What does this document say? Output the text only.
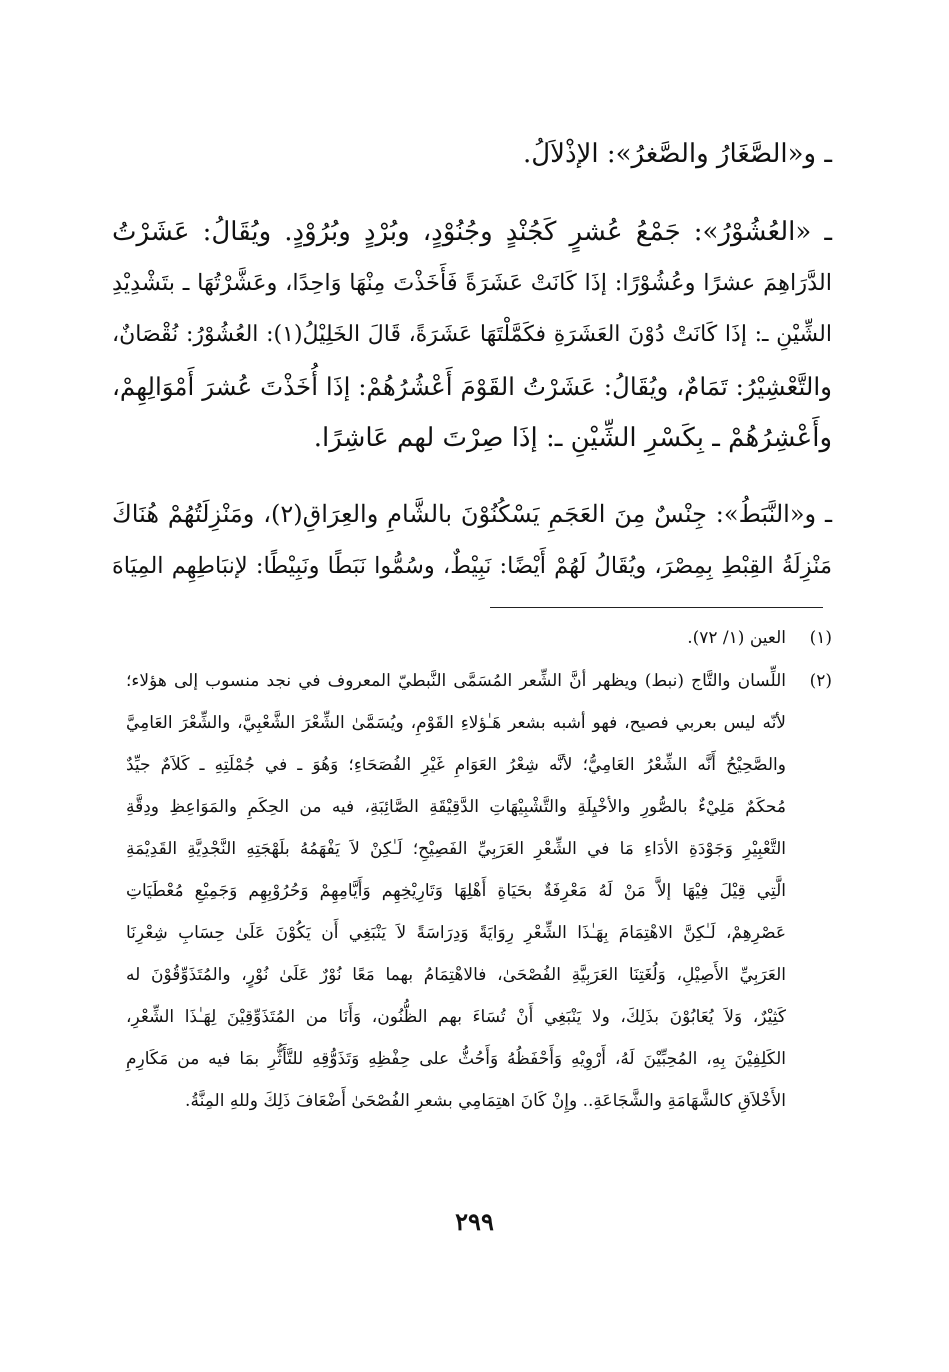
ـ و«الصَّغَارُ والصَّغرُ»: الإذْلاَلُ.
ـ «العُشُوْرُ»: جَمْعُ عُشرٍ كَجُنْدٍ وجُنُوْدٍ، وبُرْدٍ وبُرُوْدٍ. ويُقَالُ: عَشَرْتُ
الدَّرَاهِمَ عشرًا وعُشُوْرًا: إذَا كَانَتْ عَشَرَةً فَأَخَذْتَ مِنْهَا وَاحِدًا، وعَشَّرْتُهَا ـ بتَشْدِيْدِ
الشِّيْنِ ـ: إذَا كَانَتْ دُوْنَ العَشَرَةِ فكَمَّلْتَهَا عَشَرَةً، قَالَ الخَلِيْلُ(١): العُشُوْرُ: نُقْصَانٌ،
والتَّعْشِيْرُ: تَمَامٌ، ويُقَالُ: عَشَرْتُ القَوْمَ أَعْشُرُهُمْ: إذَا أُخَذْتَ عُشرَ أَمْوَالِهِمْ،
وأَعْشِرُهُمْ ـ بِكَسْرِ الشِّيْنِ ـ: إذَا صِرْتَ لهم عَاشِرًا.
ـ و«النَّبَطُ»: جِنْسٌ مِنَ العَجَمِ يَسْكُنُوْنَ بالشَّامِ والعِرَاقِ(٢)، ومَنْزِلَتُهُمْ هُنَاكَ
مَنْزِلَةُ القِبْطِ بِمِصْرَ، ويُقَالُ لَهُمْ أَيْضًا: نَبِيْطٌ، وسُمُّوا نَبَطًا ونَبِيْطًا: لإنبَاطِهِم المِيَاهَ
(١)
العين (١/ ٧٢).
(٢)
اللِّسان والتَّاج (نبط) ويظهر أنَّ الشِّعر المُسَمَّى النَّبطيّ المعروف في نجد منسوب إلى هؤلاء؛
لأنّه ليس بعربي فصيح، فهو أشبه بشعر هَـٰؤلاءِ القَوْمِ، ويُسَمَّىٰ الشِّعْرَ الشَّعْبِيَّ، والشِّعْرَ العَامِيَّ
والصَّحِيْحُ أَنَّه الشِّعْرُ العَامِيُّ؛ لأنَّه شِعْرُ العَوَامِ غَيْرِ الفُصَحَاءِ؛ وَهُوَ ـ في جُمْلَتِهِ ـ كَلاَمٌ جيِّدٌ
مُحكَمٌ مَلِيْءٌ بالصُّورِ والأخْيِلَةِ والتَّشْبِيْهَاتِ الدَّقِيْقَةِ الصَّائِبَةِ، فيه من الحِكَمِ والمَوَاعِظِ ودِقَّةِ
التَّعْبِيْرِ وَجَوْدَةِ الأدَاءِ مَا في الشِّعْرِ العَرَبِيِّ الفَصِيْحِ؛ لَـٰكِنْ لاَ يَفْهَمُهُ بلَهْجَتِهِ النَّجْدِيَّةِ القَدِيْمَةِ
الَّتِي قِيْلَ فِيْهَا إلاَّ مَنْ لَهُ مَعْرِفَةٌ بحَيَاةِ أَهْلِهَا وَتَارِيْخِهِم وَأَيَّامِهِمْ وَحُرُوْبِهِم وَجَمِيْعِ مُعْطَيَاتِ
عَصْرِهِمْ، لَـٰكِنَّ الاهْتِمَامَ بِهَـٰذَا الشِّعْرِ رِوَايَةً وَدِرَاسَةً لاَ يَنْبَغِي أَن يَكُوْنَ عَلَىٰ حِسَابِ شِعْرِنَا
العَرَبِيِّ الأَصِيْلِ، وَلُغَتِنَا العَرَبِيَّةِ الفُصْحَىٰ، فالاهْتِمَامُ بهما مَعًا نُوْرٌ عَلَىٰ نُوْرٍ، والمُتَذَوِّقُوْنَ له
كَثِيْرٌ، وَلاَ يُعَابُوْنَ بذَلِكَ، ولا يَنْبَغِي أَنْ تُسَاءَ بهم الظُّنُون، وَأَنَا من المُتَذَوِّقِيْنَ لِهَـٰذَا الشِّعْرِ،
الكَلِفِيْنَ بِهِ، المُحِبِّيْنَ لَهُ، أَرْوِيْهِ وَأَحْفَظُهُ وَأَحُثُّ على حِفْظِهِ وَتَذَوُّقِهِ للتَّأَثُّرِ بمَا فيه من مَكَارِمِ
الأَخْلاَقِ كالشَّهَامَةِ والشَّجَاعَةِ.. وإِنْ كَانَ اهتِمَامِي بشعرِ الفُصْحَىٰ أَضْعَافَ ذَلِكَ وللهِ المِنَّةُ.
٢٩٩
